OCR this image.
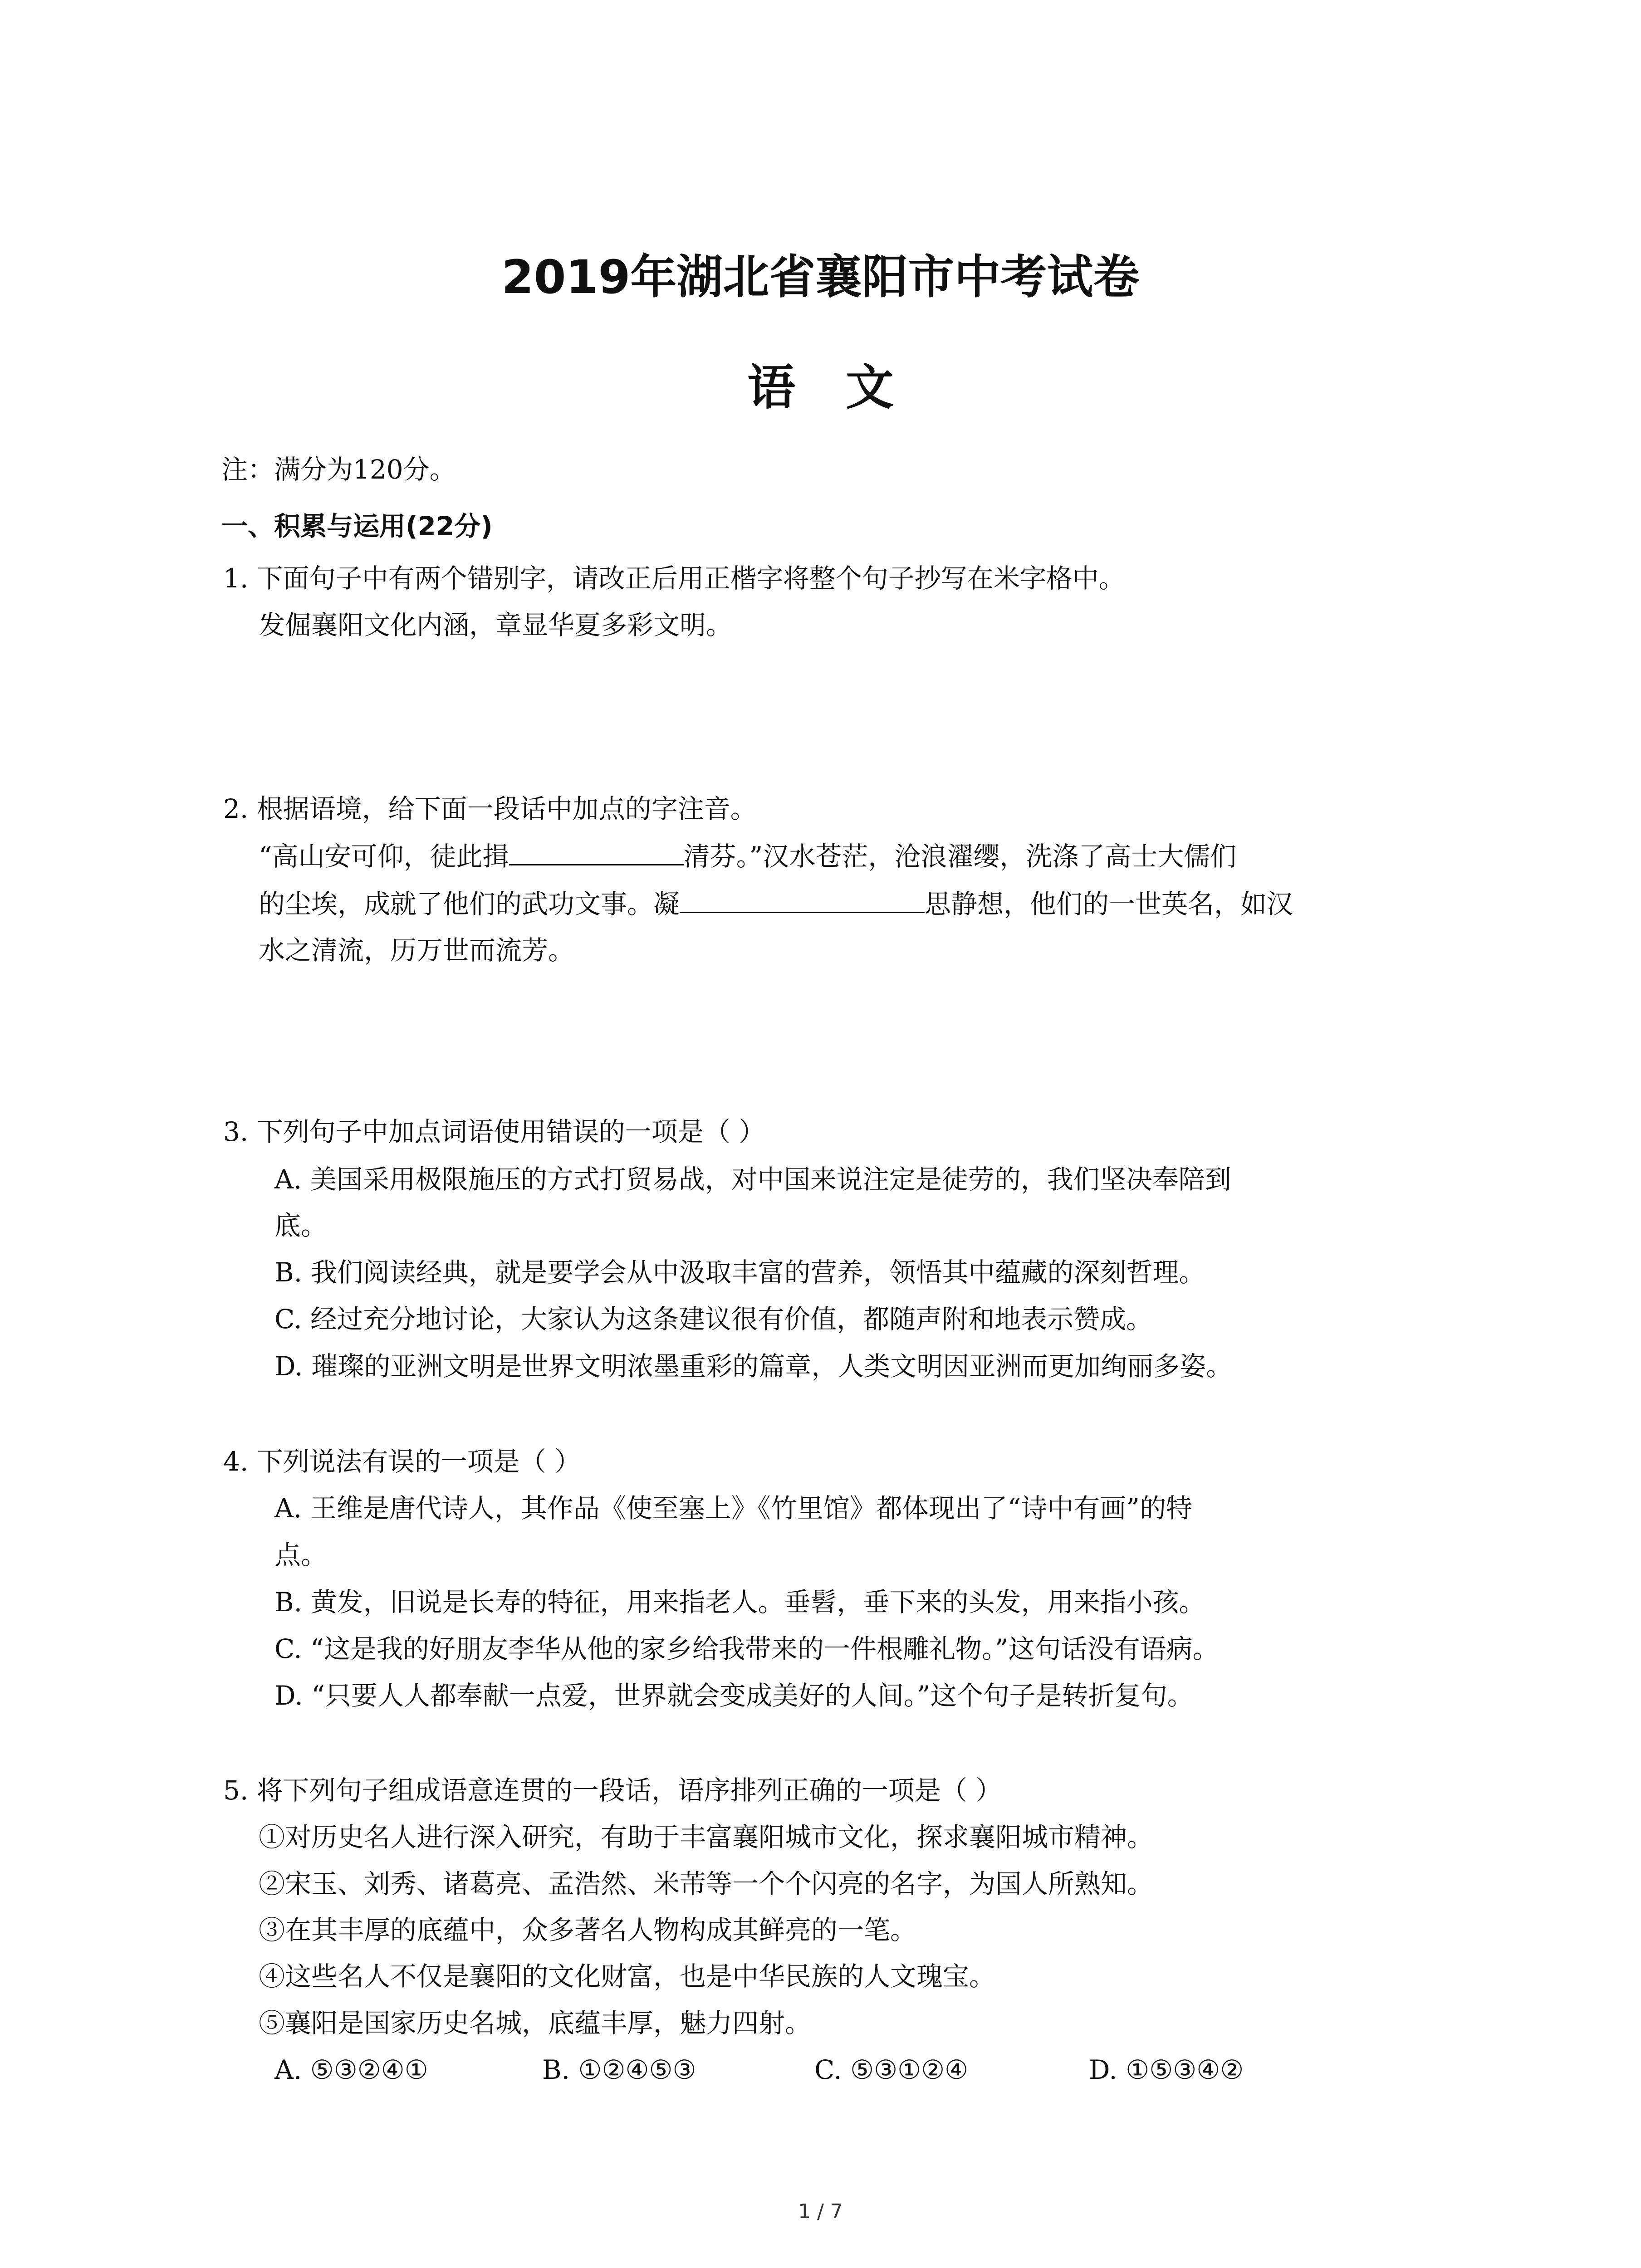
2019年湖北省襄阳市中考试卷
语   文
注：满分为120分。
一、积累与运用(22分)
1. 下面句子中有两个错别字，请改正后用正楷字将整个句子抄写在米字格中。
发倔襄阳文化内涵，章显华夏多彩文明。
2. 根据语境，给下面一段话中加点的字注音。
“高山安可仰，徒此揖	清芬。”汉水苍茫，沧浪濯缨，洗涤了高士大儒们
的尘埃，成就了他们的武功文事。凝	思静想，他们的一世英名，如汉
水之清流，历万世而流芳。
3. 下列句子中加点词语使用错误的一项是（ ）
A. 美国采用极限施压的方式打贸易战，对中国来说注定是徒劳的，我们坚决奉陪到
底。
B. 我们阅读经典，就是要学会从中汲取丰富的营养，领悟其中蕴藏的深刻哲理。
C. 经过充分地讨论，大家认为这条建议很有价值，都随声附和地表示赞成。
D. 璀璨的亚洲文明是世界文明浓墨重彩的篇章，人类文明因亚洲而更加绚丽多姿。
4. 下列说法有误的一项是（ ）
A. 王维是唐代诗人，其作品《使至塞上》《竹里馆》都体现出了“诗中有画”的特
点。
B. 黄发，旧说是长寿的特征，用来指老人。垂髫，垂下来的头发，用来指小孩。
C. “这是我的好朋友李华从他的家乡给我带来的一件根雕礼物。”这句话没有语病。
D. “只要人人都奉献一点爱，世界就会变成美好的人间。”这个句子是转折复句。
5. 将下列句子组成语意连贯的一段话，语序排列正确的一项是（ ）
①对历史名人进行深入研究，有助于丰富襄阳城市文化，探求襄阳城市精神。
②宋玉、刘秀、诸葛亮、孟浩然、米芾等一个个闪亮的名字，为国人所熟知。
③在其丰厚的底蕴中，众多著名人物构成其鲜亮的一笔。
④这些名人不仅是襄阳的文化财富，也是中华民族的人文瑰宝。
⑤襄阳是国家历史名城，底蕴丰厚，魅力四射。
A. ⑤③②④①	B. ①②④⑤③	C. ⑤③①②④	D. ①⑤③④②
1 / 7
